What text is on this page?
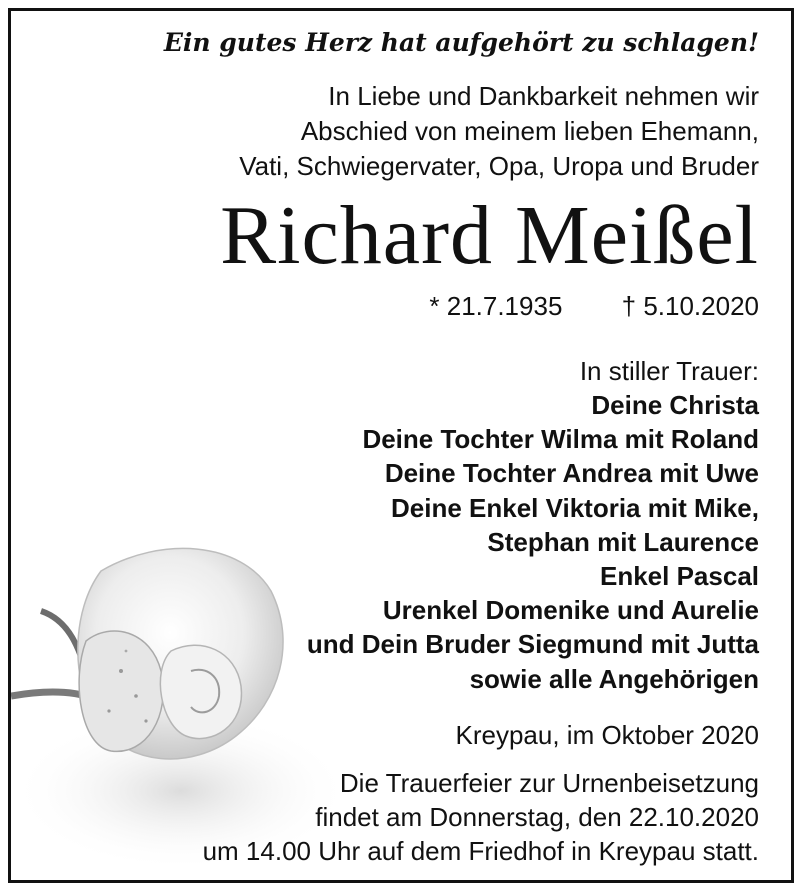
Ein gutes Herz hat aufgehört zu schlagen!
In Liebe und Dankbarkeit nehmen wir
Abschied von meinem lieben Ehemann,
Vati, Schwiegervater, Opa, Uropa und Bruder
Richard Meißel
* 21.7.1935 † 5.10.2020
In stiller Trauer:
Deine Christa
Deine Tochter Wilma mit Roland
Deine Tochter Andrea mit Uwe
Deine Enkel Viktoria mit Mike,
Stephan mit Laurence
Enkel Pascal
Urenkel Domenike und Aurelie
und Dein Bruder Siegmund mit Jutta
sowie alle Angehörigen
Kreypau, im Oktober 2020
Die Trauerfeier zur Urnenbeisetzung
findet am Donnerstag, den 22.10.2020
um 14.00 Uhr auf dem Friedhof in Kreypau statt.
